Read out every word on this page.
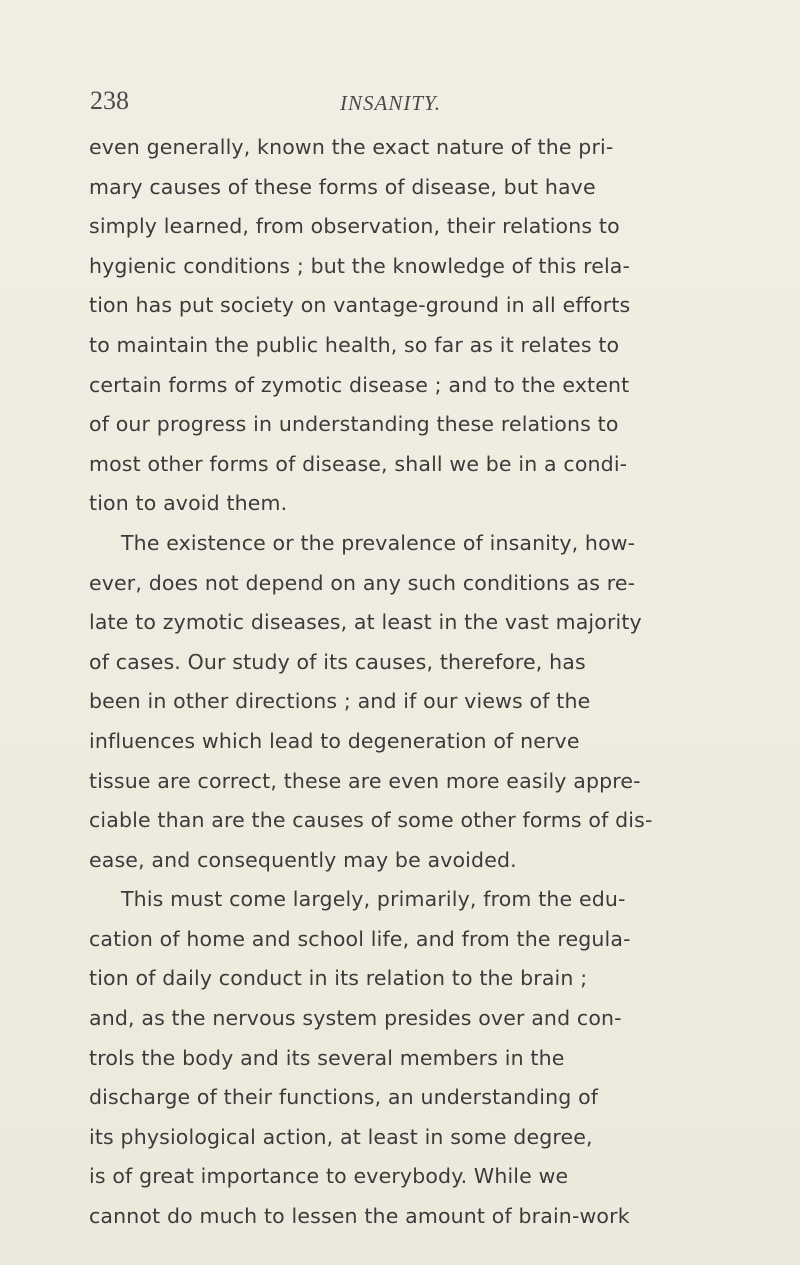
238	INSANITY.
even generally, known the exact nature of the pri-
mary causes of these forms of disease, but have
simply learned, from observation, their relations to
hygienic conditions ; but the knowledge of this rela-
tion has put society on vantage-ground in all efforts
to maintain the public health, so far as it relates to
certain forms of zymotic disease ; and to the extent
of our progress in understanding these relations to
most other forms of disease, shall we be in a condi-
tion to avoid them.
The existence or the prevalence of insanity, how-
ever, does not depend on any such conditions as re-
late to zymotic diseases, at least in the vast majority
of cases. Our study of its causes, therefore, has
been in other directions ; and if our views of the
influences which lead to degeneration of nerve
tissue are correct, these are even more easily appre-
ciable than are the causes of some other forms of dis-
ease, and consequently may be avoided.
This must come largely, primarily, from the edu-
cation of home and school life, and from the regula-
tion of daily conduct in its relation to the brain ;
and, as the nervous system presides over and con-
trols the body and its several members in the
discharge of their functions, an understanding of
its physiological action, at least in some degree,
is of great importance to everybody. While we
cannot do much to lessen the amount of brain-work
